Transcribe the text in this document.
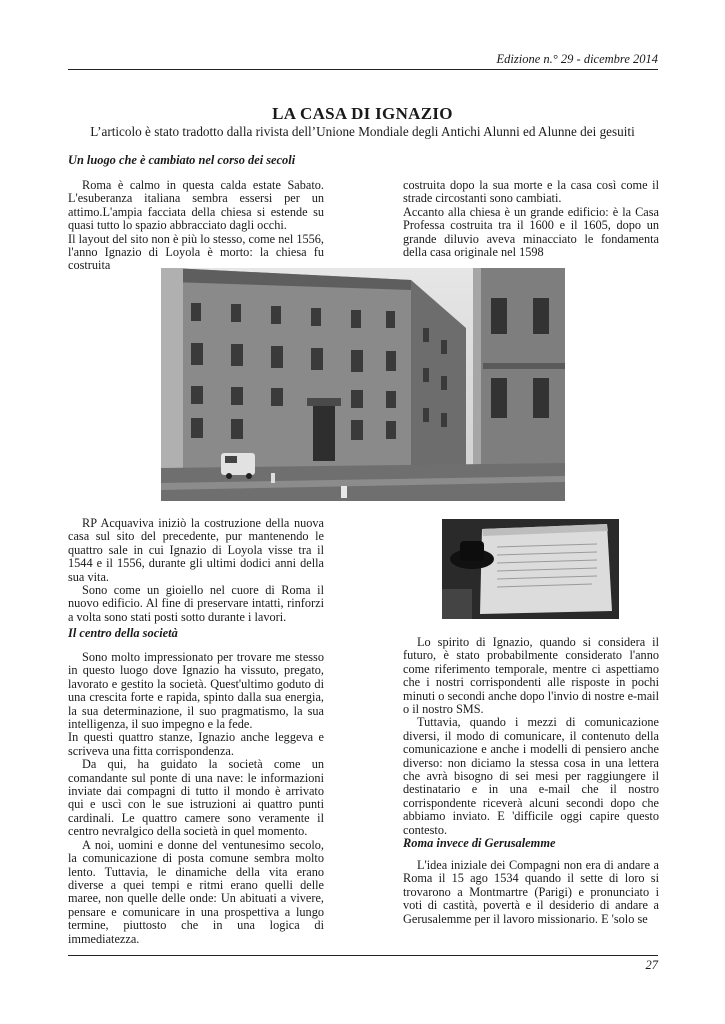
Edizione n.° 29 - dicembre 2014
LA CASA DI IGNAZIO
L’articolo è stato tradotto dalla rivista dell’Unione Mondiale degli Antichi Alunni ed Alunne dei gesuiti
Un luogo che è cambiato nel corso dei secoli

Roma è calmo in questa calda estate Sabato. L'esuberanza italiana sembra essersi per un attimo.L'ampia facciata della chiesa si estende su quasi tutto lo spazio abbracciato dagli occhi.

Il layout del sito non è più lo stesso, come nel 1556, l'anno Ignazio di Loyola è morto: la chiesa fu costruita

costruita dopo la sua morte e la casa così come il strade circostanti sono cambiati.

Accanto alla chiesa è un grande edificio: è la Casa Professa costruita tra il 1600 e il 1605, dopo un grande diluvio aveva minacciato le fondamenta della casa originale nel 1598

RP Acquaviva iniziò la costruzione della nuova casa sul sito del precedente, pur mantenendo le quattro sale in cui Ignazio di Loyola visse tra il 1544 e il 1556, durante gli ultimi dodici anni della sua vita.

Sono come un gioiello nel cuore di Roma il nuovo edificio. Al fine di preservare intatti, rinforzi a volta sono stati posti sotto durante i lavori.

Il centro della società

Sono molto impressionato per trovare me stesso in questo luogo dove Ignazio ha vissuto, pregato, lavorato e gestito la società. Quest'ultimo goduto di una crescita forte e rapida, spinto dalla sua energia, la sua determinazione, il suo pragmatismo, la sua intelligenza, il suo impegno e la fede.

In questi quattro stanze, Ignazio anche leggeva e scriveva una fitta corrispondenza.

Da qui, ha guidato la società come un comandante sul ponte di una nave: le informazioni inviate dai compagni di tutto il mondo è arrivato qui e uscì con le sue istruzioni ai quattro punti cardinali. Le quattro camere sono veramente il centro nevralgico della società in quel momento.

A noi, uomini e donne del ventunesimo secolo, la comunicazione di posta comune sembra molto lento. Tuttavia, le dinamiche della vita erano diverse a quei tempi e ritmi erano quelli delle maree, non quelle delle onde: Un abituati a vivere, pensare e comunicare in una prospettiva a lungo termine, piuttosto che in una logica di immediatezza.

Lo spirito di Ignazio, quando si considera il futuro, è stato probabilmente considerato l'anno come riferimento temporale, mentre ci aspettiamo che i nostri corrispondenti alle risposte in pochi minuti o secondi anche dopo l'invio di nostre e-mail o il nostro SMS.

Tuttavia, quando i mezzi di comunicazione diversi, il modo di comunicare, il contenuto della comunicazione e anche i modelli di pensiero anche diverso: non diciamo la stessa cosa in una lettera che avrà bisogno di sei mesi per raggiungere il destinatario e in una e-mail che il nostro corrispondente riceverà alcuni secondi dopo che abbiamo inviato. E 'difficile oggi capire questo contesto.

Roma invece di Gerusalemme

L'idea iniziale dei Compagni non era di andare a Roma il 15 ago 1534 quando il sette di loro si trovarono a Montmartre (Parigi) e pronunciato i voti di castità, povertà e il desiderio di andare a Gerusalemme per il lavoro missionario. E 'solo se

27
